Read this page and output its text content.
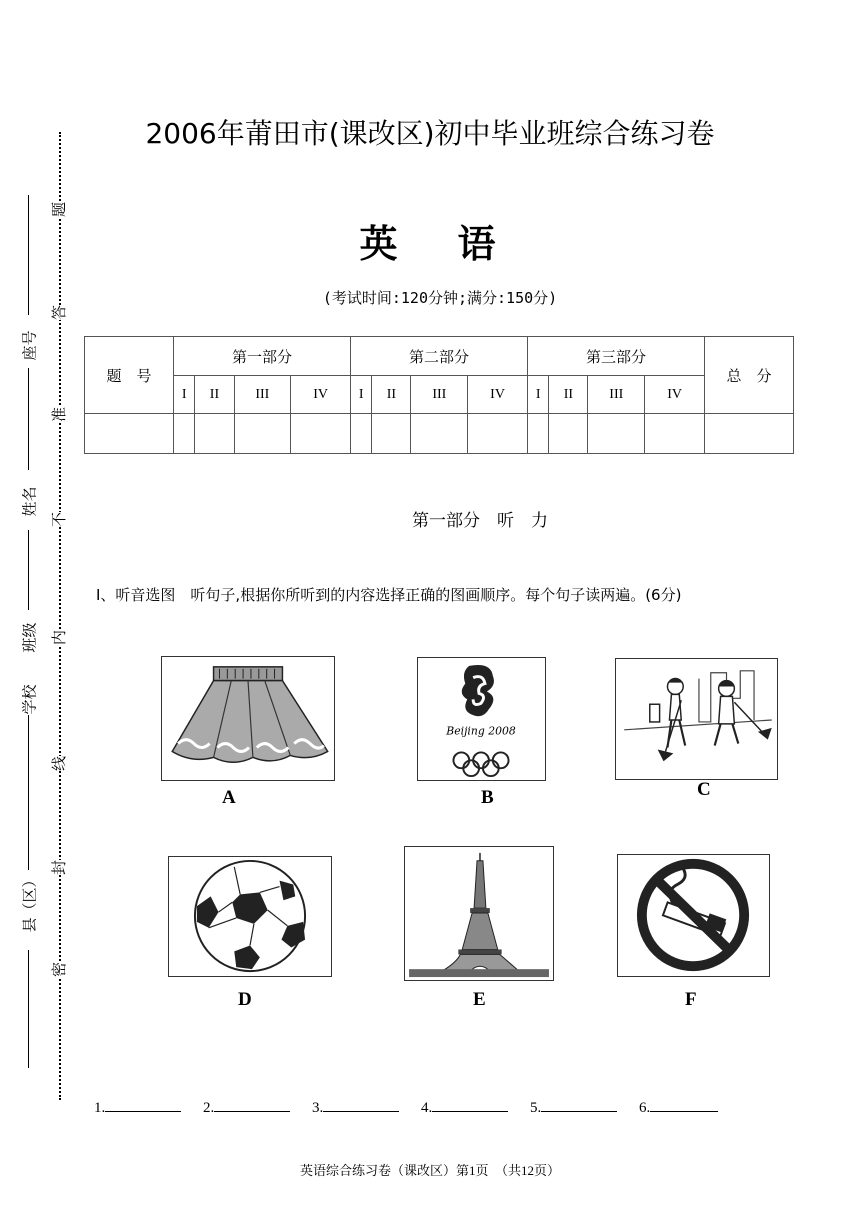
题
答
准
不
内
线
封
密
座号
姓名
班级
学校
县（区）
2006年莆田市(课改区)初中毕业班综合练习卷
英语
(考试时间:120分钟;满分:150分)
题　号	第一部分				第二部分				第三部分				总　分
	I	II	III	IV	I	II	III	IV	I	II	III	IV	

第一部分　听　力
Ⅰ、听音选图　听句子,根据你所听到的内容选择正确的图画顺序。每个句子读两遍。(6分)
A
Beijing 2008
B	C
D	E	F
1.	2.	3.	4.	5.	6.
英语综合练习卷（课改区）第1页　（共12页）
